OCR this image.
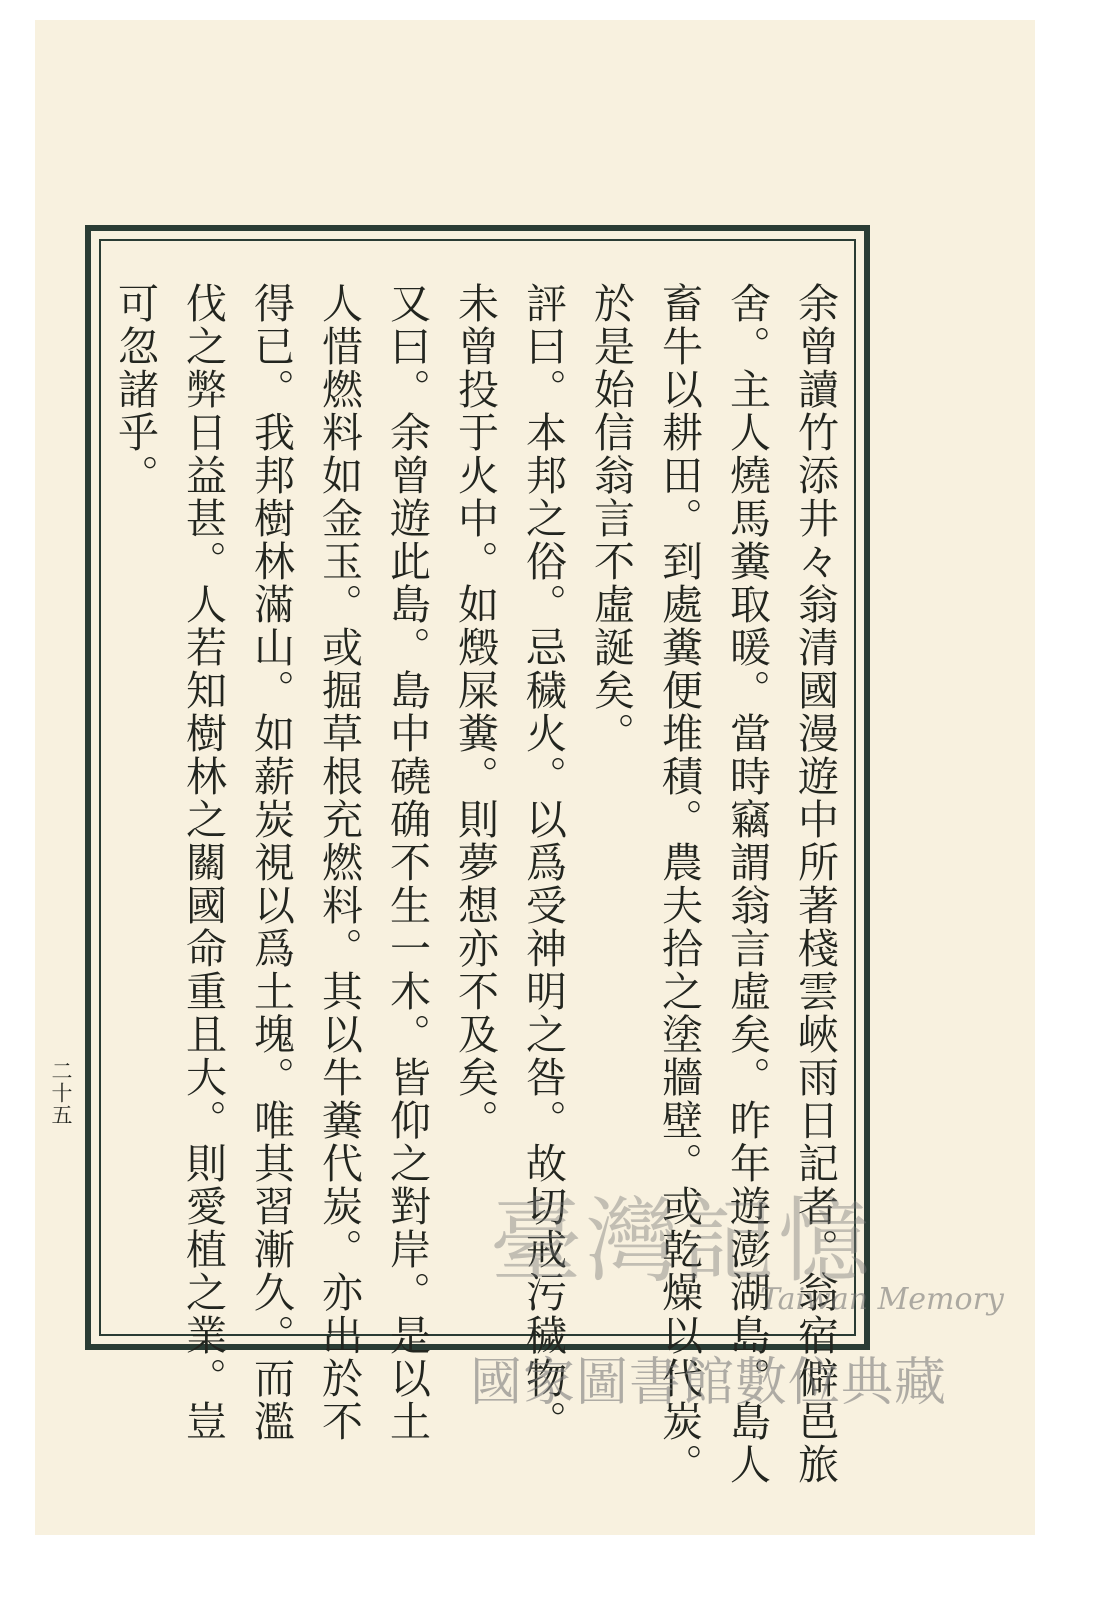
余曾讀竹添井々翁清國漫遊中所著棧雲峽雨日記者。翁宿僻邑旅
舍。主人燒馬糞取暖。當時竊謂翁言虛矣。昨年遊澎湖島。島人
畜牛以耕田。到處糞便堆積。農夫拾之塗牆壁。或乾燥以代炭。
於是始信翁言不虛誕矣。
評曰。本邦之俗。忌穢火。以爲受神明之咎。故切戒污穢物。
未曾投于火中。如燬屎糞。則夢想亦不及矣。
又曰。余曾遊此島。島中磽确不生一木。皆仰之對岸。是以土
人惜燃料如金玉。或掘草根充燃料。其以牛糞代炭。亦出於不
得已。我邦樹林滿山。如薪炭視以爲土塊。唯其習漸久。而濫
伐之弊日益甚。人若知樹林之關國命重且大。則愛植之業。豈
可忽諸乎。
二十五
臺灣記憶
Taiwan Memory
國家圖書館數位典藏
